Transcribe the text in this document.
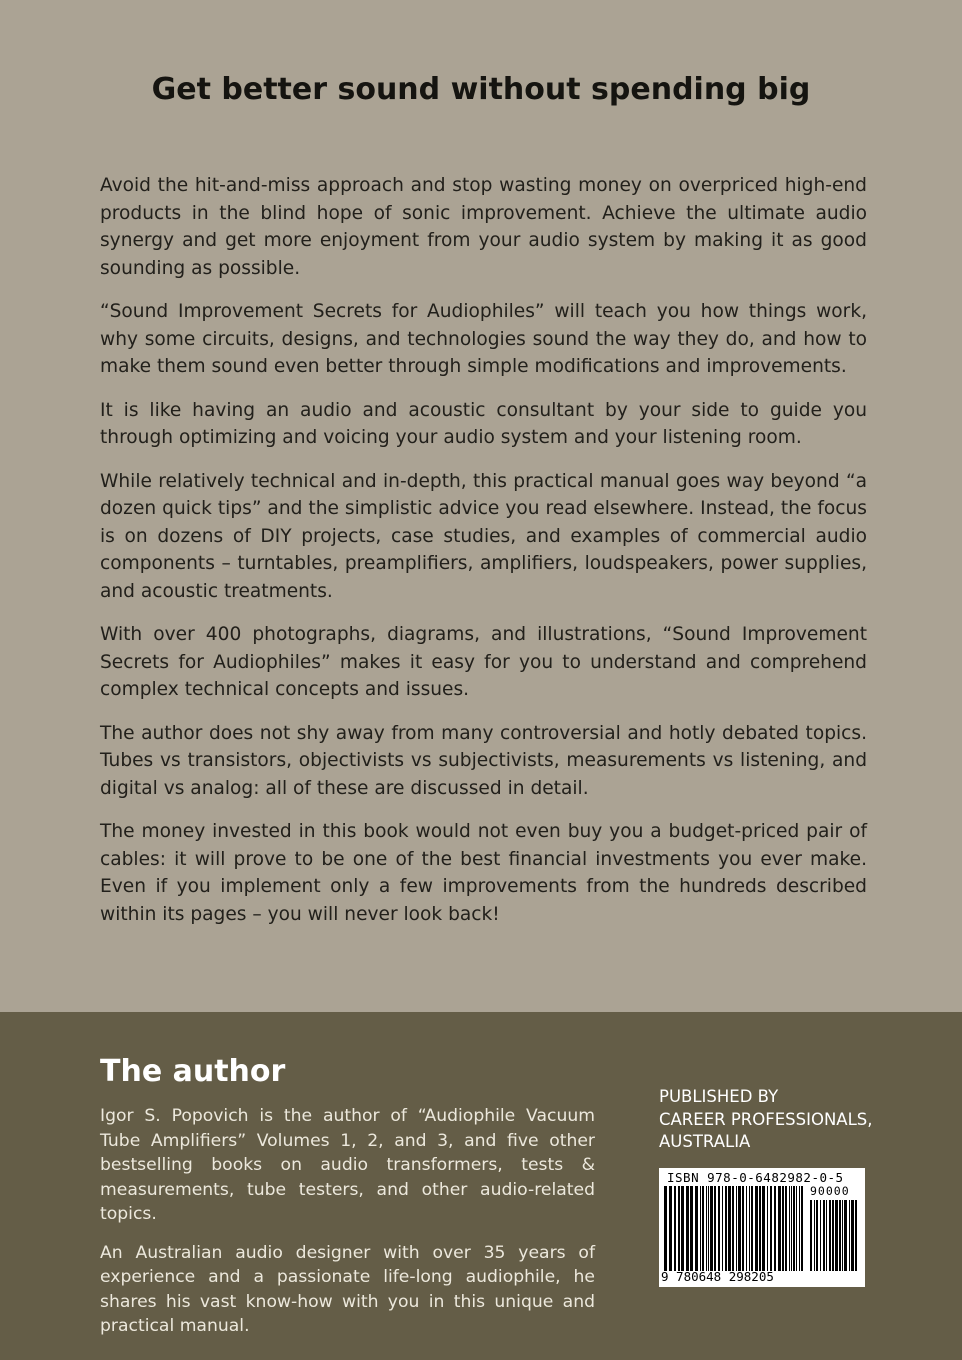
Get better sound without spending big

Avoid the hit-and-miss approach and stop wasting money on overpriced high-end products in the blind hope of sonic improvement. Achieve the ultimate audio synergy and get more enjoyment from your audio system by making it as good sounding as possible.

“Sound Improvement Secrets for Audiophiles” will teach you how things work, why some circuits, designs, and technologies sound the way they do, and how to make them sound even better through simple modifications and improvements.

It is like having an audio and acoustic consultant by your side to guide you through optimizing and voicing your audio system and your listening room.

While relatively technical and in-depth, this practical manual goes way beyond “a dozen quick tips” and the simplistic advice you read elsewhere. Instead, the focus is on dozens of DIY projects, case studies, and examples of commercial audio components – turntables, preamplifiers, amplifiers, loudspeakers, power supplies, and acoustic treatments.

With over 400 photographs, diagrams, and illustrations, “Sound Improvement Secrets for Audiophiles” makes it easy for you to understand and comprehend complex technical concepts and issues.

The author does not shy away from many controversial and hotly debated topics. Tubes vs transistors, objectivists vs subjectivists, measurements vs listening, and digital vs analog: all of these are discussed in detail.

The money invested in this book would not even buy you a budget-priced pair of cables: it will prove to be one of the best financial investments you ever make. Even if you implement only a few improvements from the hundreds described within its pages – you will never look back!

The author

Igor S. Popovich is the author of “Audiophile Vacuum Tube Amplifiers” Volumes 1, 2, and 3, and five other bestselling books on audio transformers, tests & measurements, tube testers, and other audio-related topics.

An Australian audio designer with over 35 years of experience and a passionate life-long audiophile, he shares his vast know-how with you in this unique and practical manual.

PUBLISHED BY
CAREER PROFESSIONALS,
AUSTRALIA
ISBN 978-0-6482982-0-5
90000
9 780648 298205
